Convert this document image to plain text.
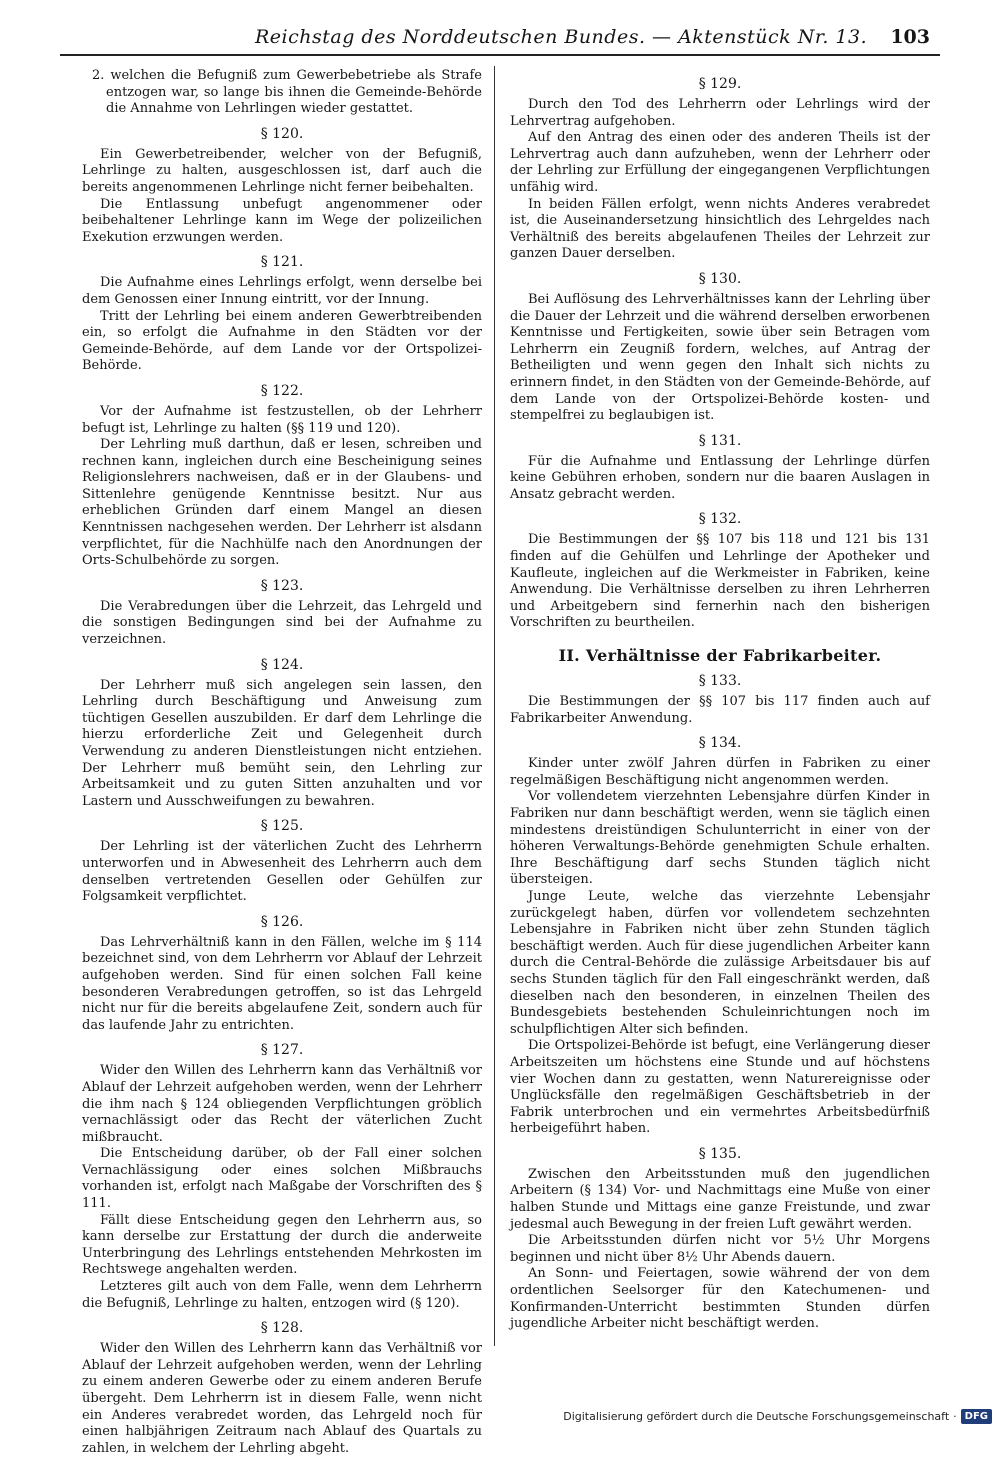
Reichstag des Norddeutschen Bundes. — Aktenstück Nr. 13. 103

2. welchen die Befugniß zum Gewerbebetriebe als Strafe entzogen war, so lange bis ihnen die Gemeinde-Behörde die Annahme von Lehrlingen wieder gestattet.

§ 120.

Ein Gewerbetreibender, welcher von der Befugniß, Lehrlinge zu halten, ausgeschlossen ist, darf auch die bereits angenommenen Lehrlinge nicht ferner beibehalten.

Die Entlassung unbefugt angenommener oder beibehaltener Lehrlinge kann im Wege der polizeilichen Exekution erzwungen werden.

§ 121.

Die Aufnahme eines Lehrlings erfolgt, wenn derselbe bei dem Genossen einer Innung eintritt, vor der Innung.

Tritt der Lehrling bei einem anderen Gewerbtreibenden ein, so erfolgt die Aufnahme in den Städten vor der Gemeinde-Behörde, auf dem Lande vor der Ortspolizei-Behörde.

§ 122.

Vor der Aufnahme ist festzustellen, ob der Lehrherr befugt ist, Lehrlinge zu halten (§§ 119 und 120).

Der Lehrling muß darthun, daß er lesen, schreiben und rechnen kann, ingleichen durch eine Bescheinigung seines Religionslehrers nachweisen, daß er in der Glaubens- und Sittenlehre genügende Kenntnisse besitzt. Nur aus erheblichen Gründen darf einem Mangel an diesen Kenntnissen nachgesehen werden. Der Lehrherr ist alsdann verpflichtet, für die Nachhülfe nach den Anordnungen der Orts-Schulbehörde zu sorgen.

§ 123.

Die Verabredungen über die Lehrzeit, das Lehrgeld und die sonstigen Bedingungen sind bei der Aufnahme zu verzeichnen.

§ 124.

Der Lehrherr muß sich angelegen sein lassen, den Lehrling durch Beschäftigung und Anweisung zum tüchtigen Gesellen auszubilden. Er darf dem Lehrlinge die hierzu erforderliche Zeit und Gelegenheit durch Verwendung zu anderen Dienstleistungen nicht entziehen. Der Lehrherr muß bemüht sein, den Lehrling zur Arbeitsamkeit und zu guten Sitten anzuhalten und vor Lastern und Ausschweifungen zu bewahren.

§ 125.

Der Lehrling ist der väterlichen Zucht des Lehrherrn unterworfen und in Abwesenheit des Lehrherrn auch dem denselben vertretenden Gesellen oder Gehülfen zur Folgsamkeit verpflichtet.

§ 126.

Das Lehrverhältniß kann in den Fällen, welche im § 114 bezeichnet sind, von dem Lehrherrn vor Ablauf der Lehrzeit aufgehoben werden. Sind für einen solchen Fall keine besonderen Verabredungen getroffen, so ist das Lehrgeld nicht nur für die bereits abgelaufene Zeit, sondern auch für das laufende Jahr zu entrichten.

§ 127.

Wider den Willen des Lehrherrn kann das Verhältniß vor Ablauf der Lehrzeit aufgehoben werden, wenn der Lehrherr die ihm nach § 124 obliegenden Verpflichtungen gröblich vernachlässigt oder das Recht der väterlichen Zucht mißbraucht.

Die Entscheidung darüber, ob der Fall einer solchen Vernachlässigung oder eines solchen Mißbrauchs vorhanden ist, erfolgt nach Maßgabe der Vorschriften des § 111.

Fällt diese Entscheidung gegen den Lehrherrn aus, so kann derselbe zur Erstattung der durch die anderweite Unterbringung des Lehrlings entstehenden Mehrkosten im Rechtswege angehalten werden.

Letzteres gilt auch von dem Falle, wenn dem Lehrherrn die Befugniß, Lehrlinge zu halten, entzogen wird (§ 120).

§ 128.

Wider den Willen des Lehrherrn kann das Verhältniß vor Ablauf der Lehrzeit aufgehoben werden, wenn der Lehrling zu einem anderen Gewerbe oder zu einem anderen Berufe übergeht. Dem Lehrherrn ist in diesem Falle, wenn nicht ein Anderes verabredet worden, das Lehrgeld noch für einen halbjährigen Zeitraum nach Ablauf des Quartals zu zahlen, in welchem der Lehrling abgeht.

§ 129.

Durch den Tod des Lehrherrn oder Lehrlings wird der Lehrvertrag aufgehoben.

Auf den Antrag des einen oder des anderen Theils ist der Lehrvertrag auch dann aufzuheben, wenn der Lehrherr oder der Lehrling zur Erfüllung der eingegangenen Verpflichtungen unfähig wird.

In beiden Fällen erfolgt, wenn nichts Anderes verabredet ist, die Auseinandersetzung hinsichtlich des Lehrgeldes nach Verhältniß des bereits abgelaufenen Theiles der Lehrzeit zur ganzen Dauer derselben.

§ 130.

Bei Auflösung des Lehrverhältnisses kann der Lehrling über die Dauer der Lehrzeit und die während derselben erworbenen Kenntnisse und Fertigkeiten, sowie über sein Betragen vom Lehrherrn ein Zeugniß fordern, welches, auf Antrag der Betheiligten und wenn gegen den Inhalt sich nichts zu erinnern findet, in den Städten von der Gemeinde-Behörde, auf dem Lande von der Ortspolizei-Behörde kosten- und stempelfrei zu beglaubigen ist.

§ 131.

Für die Aufnahme und Entlassung der Lehrlinge dürfen keine Gebühren erhoben, sondern nur die baaren Auslagen in Ansatz gebracht werden.

§ 132.

Die Bestimmungen der §§ 107 bis 118 und 121 bis 131 finden auf die Gehülfen und Lehrlinge der Apotheker und Kaufleute, ingleichen auf die Werkmeister in Fabriken, keine Anwendung. Die Verhältnisse derselben zu ihren Lehrherren und Arbeitgebern sind fernerhin nach den bisherigen Vorschriften zu beurtheilen.

II. Verhältnisse der Fabrikarbeiter.
§ 133.

Die Bestimmungen der §§ 107 bis 117 finden auch auf Fabrikarbeiter Anwendung.

§ 134.

Kinder unter zwölf Jahren dürfen in Fabriken zu einer regelmäßigen Beschäftigung nicht angenommen werden.

Vor vollendetem vierzehnten Lebensjahre dürfen Kinder in Fabriken nur dann beschäftigt werden, wenn sie täglich einen mindestens dreistündigen Schulunterricht in einer von der höheren Verwaltungs-Behörde genehmigten Schule erhalten. Ihre Beschäftigung darf sechs Stunden täglich nicht übersteigen.

Junge Leute, welche das vierzehnte Lebensjahr zurückgelegt haben, dürfen vor vollendetem sechzehnten Lebensjahre in Fabriken nicht über zehn Stunden täglich beschäftigt werden. Auch für diese jugendlichen Arbeiter kann durch die Central-Behörde die zulässige Arbeitsdauer bis auf sechs Stunden täglich für den Fall eingeschränkt werden, daß dieselben nach den besonderen, in einzelnen Theilen des Bundesgebiets bestehenden Schuleinrichtungen noch im schulpflichtigen Alter sich befinden.

Die Ortspolizei-Behörde ist befugt, eine Verlängerung dieser Arbeitszeiten um höchstens eine Stunde und auf höchstens vier Wochen dann zu gestatten, wenn Naturereignisse oder Unglücksfälle den regelmäßigen Geschäftsbetrieb in der Fabrik unterbrochen und ein vermehrtes Arbeitsbedürfniß herbeigeführt haben.

§ 135.

Zwischen den Arbeitsstunden muß den jugendlichen Arbeitern (§ 134) Vor- und Nachmittags eine Muße von einer halben Stunde und Mittags eine ganze Freistunde, und zwar jedesmal auch Bewegung in der freien Luft gewährt werden.

Die Arbeitsstunden dürfen nicht vor 5½ Uhr Morgens beginnen und nicht über 8½ Uhr Abends dauern.

An Sonn- und Feiertagen, sowie während der von dem ordentlichen Seelsorger für den Katechumenen- und Konfirmanden-Unterricht bestimmten Stunden dürfen jugendliche Arbeiter nicht beschäftigt werden.

Digitalisierung gefördert durch die Deutsche Forschungsgemeinschaft · DFG
